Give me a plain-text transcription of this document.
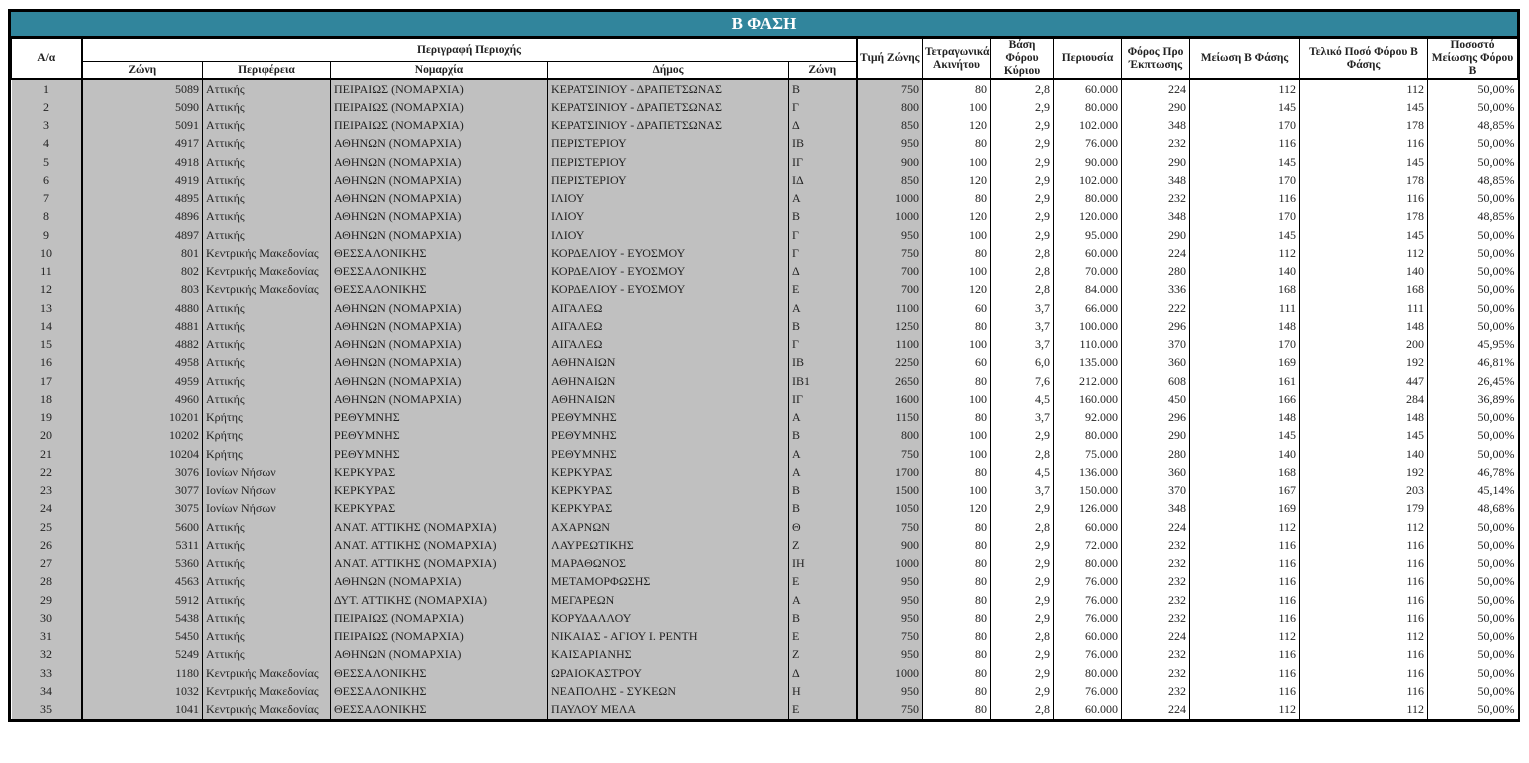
Β ΦΑΣΗ
Α/α	Περιγραφή Περιοχής					Τιμή Ζώνης	Τετραγωνικά Ακινήτου	Βάση Φόρου Κύριου	Περιουσία	Φόρος Προ Έκπτωσης	Μείωση Β Φάσης	Τελικό Ποσό Φόρου Β Φάσης	Ποσοστό Μείωσης Φόρου Β
	Ζώνη	Περιφέρεια	Νομαρχία	Δήμος	Ζώνη								
1	5089	Αττικής	ΠΕΙΡΑΙΩΣ (ΝΟΜΑΡΧΙΑ)	ΚΕΡΑΤΣΙΝΙΟΥ - ΔΡΑΠΕΤΣΩΝΑΣ	Β	750	80	2,8	60.000	224	112	112	50,00%
2	5090	Αττικής	ΠΕΙΡΑΙΩΣ (ΝΟΜΑΡΧΙΑ)	ΚΕΡΑΤΣΙΝΙΟΥ - ΔΡΑΠΕΤΣΩΝΑΣ	Γ	800	100	2,9	80.000	290	145	145	50,00%
3	5091	Αττικής	ΠΕΙΡΑΙΩΣ (ΝΟΜΑΡΧΙΑ)	ΚΕΡΑΤΣΙΝΙΟΥ - ΔΡΑΠΕΤΣΩΝΑΣ	Δ	850	120	2,9	102.000	348	170	178	48,85%
4	4917	Αττικής	ΑΘΗΝΩΝ (ΝΟΜΑΡΧΙΑ)	ΠΕΡΙΣΤΕΡΙΟΥ	ΙΒ	950	80	2,9	76.000	232	116	116	50,00%
5	4918	Αττικής	ΑΘΗΝΩΝ (ΝΟΜΑΡΧΙΑ)	ΠΕΡΙΣΤΕΡΙΟΥ	ΙΓ	900	100	2,9	90.000	290	145	145	50,00%
6	4919	Αττικής	ΑΘΗΝΩΝ (ΝΟΜΑΡΧΙΑ)	ΠΕΡΙΣΤΕΡΙΟΥ	ΙΔ	850	120	2,9	102.000	348	170	178	48,85%
7	4895	Αττικής	ΑΘΗΝΩΝ (ΝΟΜΑΡΧΙΑ)	ΙΛΙΟΥ	Α	1000	80	2,9	80.000	232	116	116	50,00%
8	4896	Αττικής	ΑΘΗΝΩΝ (ΝΟΜΑΡΧΙΑ)	ΙΛΙΟΥ	Β	1000	120	2,9	120.000	348	170	178	48,85%
9	4897	Αττικής	ΑΘΗΝΩΝ (ΝΟΜΑΡΧΙΑ)	ΙΛΙΟΥ	Γ	950	100	2,9	95.000	290	145	145	50,00%
10	801	Κεντρικής Μακεδονίας	ΘΕΣΣΑΛΟΝΙΚΗΣ	ΚΟΡΔΕΛΙΟΥ - ΕΥΟΣΜΟΥ	Γ	750	80	2,8	60.000	224	112	112	50,00%
11	802	Κεντρικής Μακεδονίας	ΘΕΣΣΑΛΟΝΙΚΗΣ	ΚΟΡΔΕΛΙΟΥ - ΕΥΟΣΜΟΥ	Δ	700	100	2,8	70.000	280	140	140	50,00%
12	803	Κεντρικής Μακεδονίας	ΘΕΣΣΑΛΟΝΙΚΗΣ	ΚΟΡΔΕΛΙΟΥ - ΕΥΟΣΜΟΥ	Ε	700	120	2,8	84.000	336	168	168	50,00%
13	4880	Αττικής	ΑΘΗΝΩΝ (ΝΟΜΑΡΧΙΑ)	ΑΙΓΑΛΕΩ	Α	1100	60	3,7	66.000	222	111	111	50,00%
14	4881	Αττικής	ΑΘΗΝΩΝ (ΝΟΜΑΡΧΙΑ)	ΑΙΓΑΛΕΩ	Β	1250	80	3,7	100.000	296	148	148	50,00%
15	4882	Αττικής	ΑΘΗΝΩΝ (ΝΟΜΑΡΧΙΑ)	ΑΙΓΑΛΕΩ	Γ	1100	100	3,7	110.000	370	170	200	45,95%
16	4958	Αττικής	ΑΘΗΝΩΝ (ΝΟΜΑΡΧΙΑ)	ΑΘΗΝΑΙΩΝ	ΙΒ	2250	60	6,0	135.000	360	169	192	46,81%
17	4959	Αττικής	ΑΘΗΝΩΝ (ΝΟΜΑΡΧΙΑ)	ΑΘΗΝΑΙΩΝ	ΙΒ1	2650	80	7,6	212.000	608	161	447	26,45%
18	4960	Αττικής	ΑΘΗΝΩΝ (ΝΟΜΑΡΧΙΑ)	ΑΘΗΝΑΙΩΝ	ΙΓ	1600	100	4,5	160.000	450	166	284	36,89%
19	10201	Κρήτης	ΡΕΘΥΜΝΗΣ	ΡΕΘΥΜΝΗΣ	Α	1150	80	3,7	92.000	296	148	148	50,00%
20	10202	Κρήτης	ΡΕΘΥΜΝΗΣ	ΡΕΘΥΜΝΗΣ	Β	800	100	2,9	80.000	290	145	145	50,00%
21	10204	Κρήτης	ΡΕΘΥΜΝΗΣ	ΡΕΘΥΜΝΗΣ	Α	750	100	2,8	75.000	280	140	140	50,00%
22	3076	Ιονίων Νήσων	ΚΕΡΚΥΡΑΣ	ΚΕΡΚΥΡΑΣ	Α	1700	80	4,5	136.000	360	168	192	46,78%
23	3077	Ιονίων Νήσων	ΚΕΡΚΥΡΑΣ	ΚΕΡΚΥΡΑΣ	Β	1500	100	3,7	150.000	370	167	203	45,14%
24	3075	Ιονίων Νήσων	ΚΕΡΚΥΡΑΣ	ΚΕΡΚΥΡΑΣ	Β	1050	120	2,9	126.000	348	169	179	48,68%
25	5600	Αττικής	ΑΝΑΤ. ΑΤΤΙΚΗΣ (ΝΟΜΑΡΧΙΑ)	ΑΧΑΡΝΩΝ	Θ	750	80	2,8	60.000	224	112	112	50,00%
26	5311	Αττικής	ΑΝΑΤ. ΑΤΤΙΚΗΣ (ΝΟΜΑΡΧΙΑ)	ΛΑΥΡΕΩΤΙΚΗΣ	Ζ	900	80	2,9	72.000	232	116	116	50,00%
27	5360	Αττικής	ΑΝΑΤ. ΑΤΤΙΚΗΣ (ΝΟΜΑΡΧΙΑ)	ΜΑΡΑΘΩΝΟΣ	ΙΗ	1000	80	2,9	80.000	232	116	116	50,00%
28	4563	Αττικής	ΑΘΗΝΩΝ (ΝΟΜΑΡΧΙΑ)	ΜΕΤΑΜΟΡΦΩΣΗΣ	Ε	950	80	2,9	76.000	232	116	116	50,00%
29	5912	Αττικής	ΔΥΤ. ΑΤΤΙΚΗΣ (ΝΟΜΑΡΧΙΑ)	ΜΕΓΑΡΕΩΝ	Α	950	80	2,9	76.000	232	116	116	50,00%
30	5438	Αττικής	ΠΕΙΡΑΙΩΣ (ΝΟΜΑΡΧΙΑ)	ΚΟΡΥΔΑΛΛΟΥ	Β	950	80	2,9	76.000	232	116	116	50,00%
31	5450	Αττικής	ΠΕΙΡΑΙΩΣ (ΝΟΜΑΡΧΙΑ)	ΝΙΚΑΙΑΣ - ΑΓΙΟΥ Ι. ΡΕΝΤΗ	Ε	750	80	2,8	60.000	224	112	112	50,00%
32	5249	Αττικής	ΑΘΗΝΩΝ (ΝΟΜΑΡΧΙΑ)	ΚΑΙΣΑΡΙΑΝΗΣ	Ζ	950	80	2,9	76.000	232	116	116	50,00%
33	1180	Κεντρικής Μακεδονίας	ΘΕΣΣΑΛΟΝΙΚΗΣ	ΩΡΑΙΟΚΑΣΤΡΟΥ	Δ	1000	80	2,9	80.000	232	116	116	50,00%
34	1032	Κεντρικής Μακεδονίας	ΘΕΣΣΑΛΟΝΙΚΗΣ	ΝΕΑΠΟΛΗΣ - ΣΥΚΕΩΝ	Η	950	80	2,9	76.000	232	116	116	50,00%
35	1041	Κεντρικής Μακεδονίας	ΘΕΣΣΑΛΟΝΙΚΗΣ	ΠΑΥΛΟΥ ΜΕΛΑ	Ε	750	80	2,8	60.000	224	112	112	50,00%
